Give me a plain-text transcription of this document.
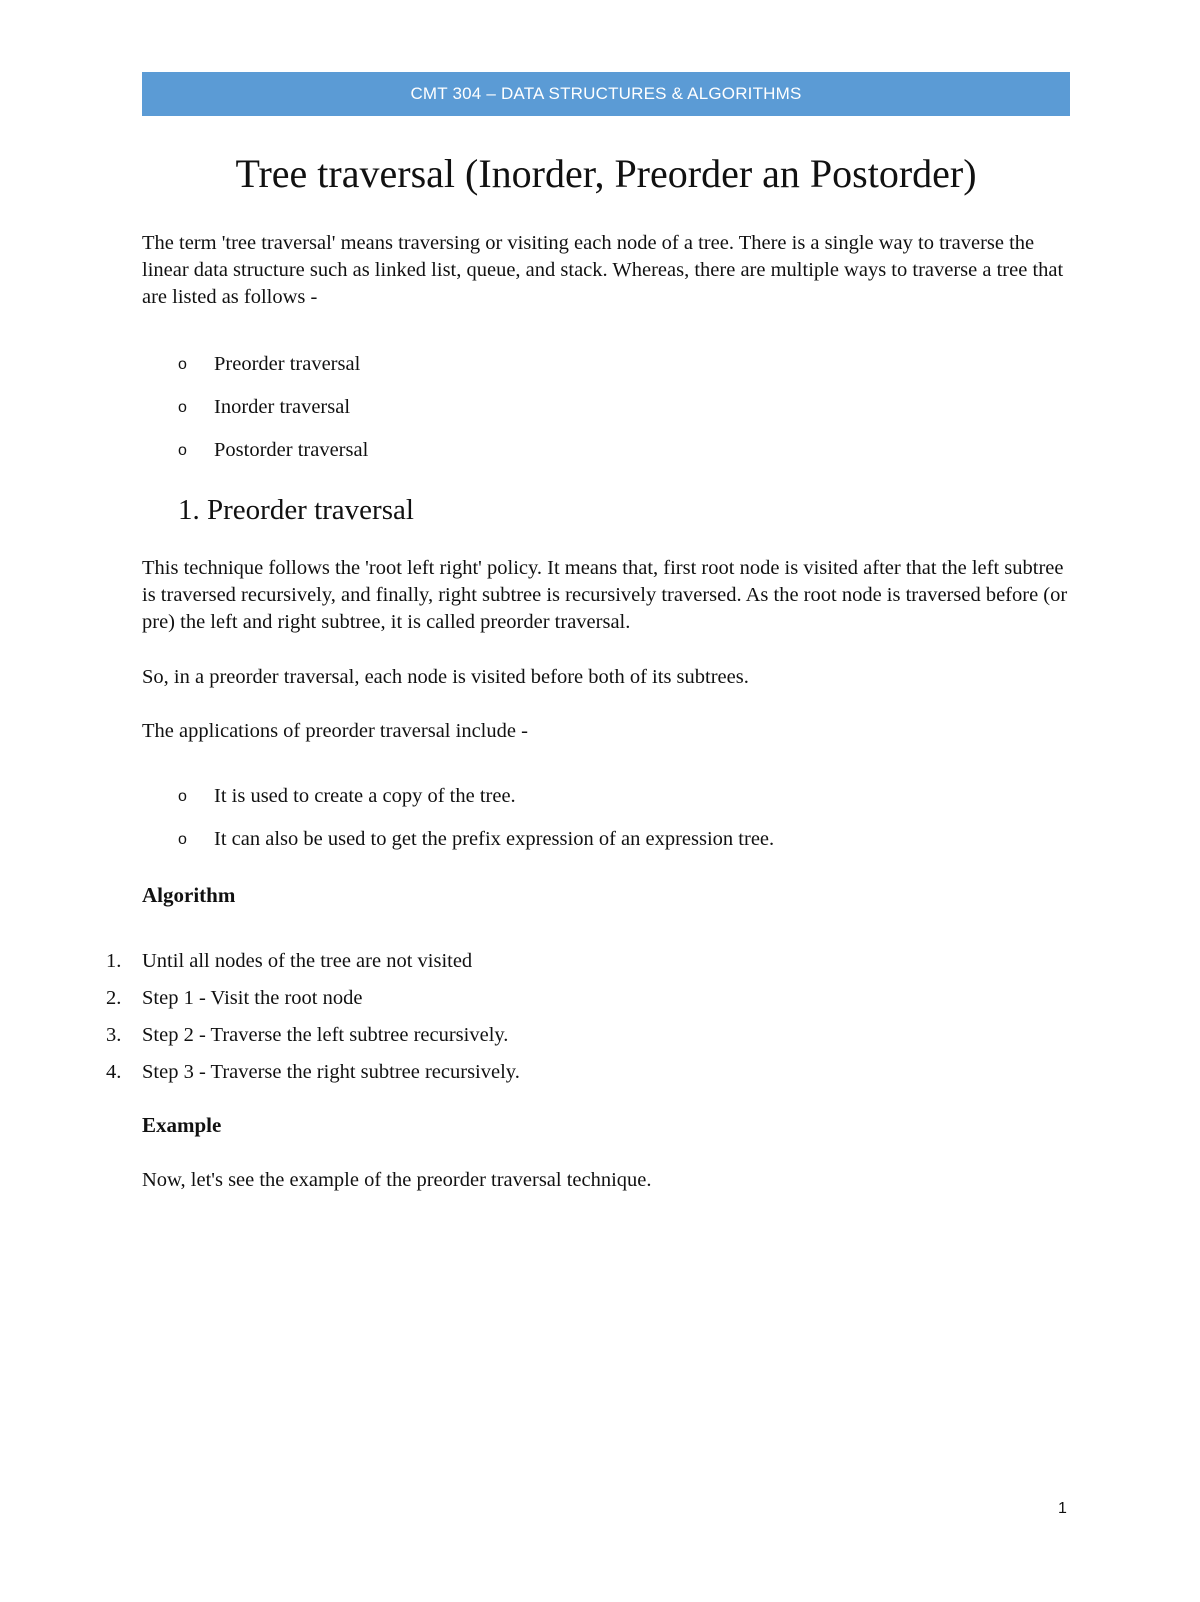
CMT 304 – DATA STRUCTURES & ALGORITHMS
Tree traversal (Inorder, Preorder an Postorder)

The term 'tree traversal' means traversing or visiting each node of a tree. There is a single way to traverse the linear data structure such as linked list, queue, and stack. Whereas, there are multiple ways to traverse a tree that are listed as follows -

o Preorder traversal
o Inorder traversal
o Postorder traversal
1. Preorder traversal

This technique follows the 'root left right' policy. It means that, first root node is visited after that the left subtree is traversed recursively, and finally, right subtree is recursively traversed. As the root node is traversed before (or pre) the left and right subtree, it is called preorder traversal.

So, in a preorder traversal, each node is visited before both of its subtrees.

The applications of preorder traversal include -

o It is used to create a copy of the tree.
o It can also be used to get the prefix expression of an expression tree.
Algorithm
1. Until all nodes of the tree are not visited
2. Step 1 - Visit the root node
3. Step 2 - Traverse the left subtree recursively.
4. Step 3 - Traverse the right subtree recursively.
Example

Now, let's see the example of the preorder traversal technique.

1
